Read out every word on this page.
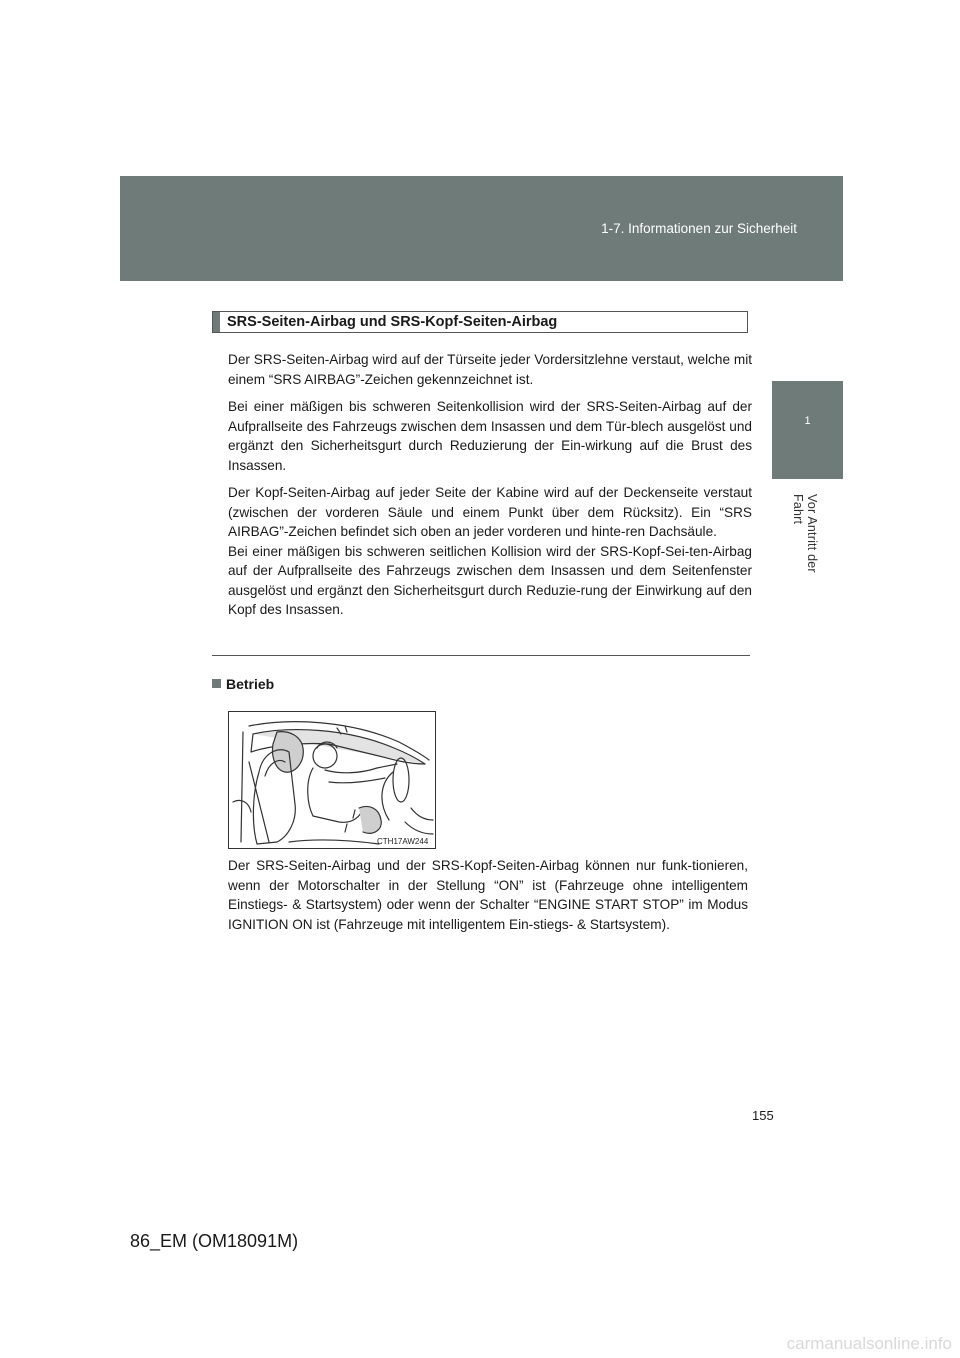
1-7. Informationen zur Sicherheit
1
Vor Antritt der Fahrt
SRS-Seiten-Airbag und SRS-Kopf-Seiten-Airbag

Der SRS-Seiten-Airbag wird auf der Türseite jeder Vordersitzlehne verstaut, welche mit einem “SRS AIRBAG”-Zeichen gekennzeichnet ist.

Bei einer mäßigen bis schweren Seitenkollision wird der SRS-Seiten-Airbag auf der Aufprallseite des Fahrzeugs zwischen dem Insassen und dem Tür-blech ausgelöst und ergänzt den Sicherheitsgurt durch Reduzierung der Ein-wirkung auf die Brust des Insassen.

Der Kopf-Seiten-Airbag auf jeder Seite der Kabine wird auf der Deckenseite verstaut (zwischen der vorderen Säule und einem Punkt über dem Rücksitz). Ein “SRS AIRBAG”-Zeichen befindet sich oben an jeder vorderen und hinte-ren Dachsäule.

Bei einer mäßigen bis schweren seitlichen Kollision wird der SRS-Kopf-Sei-ten-Airbag auf der Aufprallseite des Fahrzeugs zwischen dem Insassen und dem Seitenfenster ausgelöst und ergänzt den Sicherheitsgurt durch Reduzie-rung der Einwirkung auf den Kopf des Insassen.

Betrieb
CTH17AW244
Der SRS-Seiten-Airbag und der SRS-Kopf-Seiten-Airbag können nur funk-tionieren, wenn der Motorschalter in der Stellung “ON” ist (Fahrzeuge ohne intelligentem Einstiegs- & Startsystem) oder wenn der Schalter “ENGINE START STOP” im Modus IGNITION ON ist (Fahrzeuge mit intelligentem Ein-stiegs- & Startsystem).
155
86_EM (OM18091M)
carmanualsonline.info
